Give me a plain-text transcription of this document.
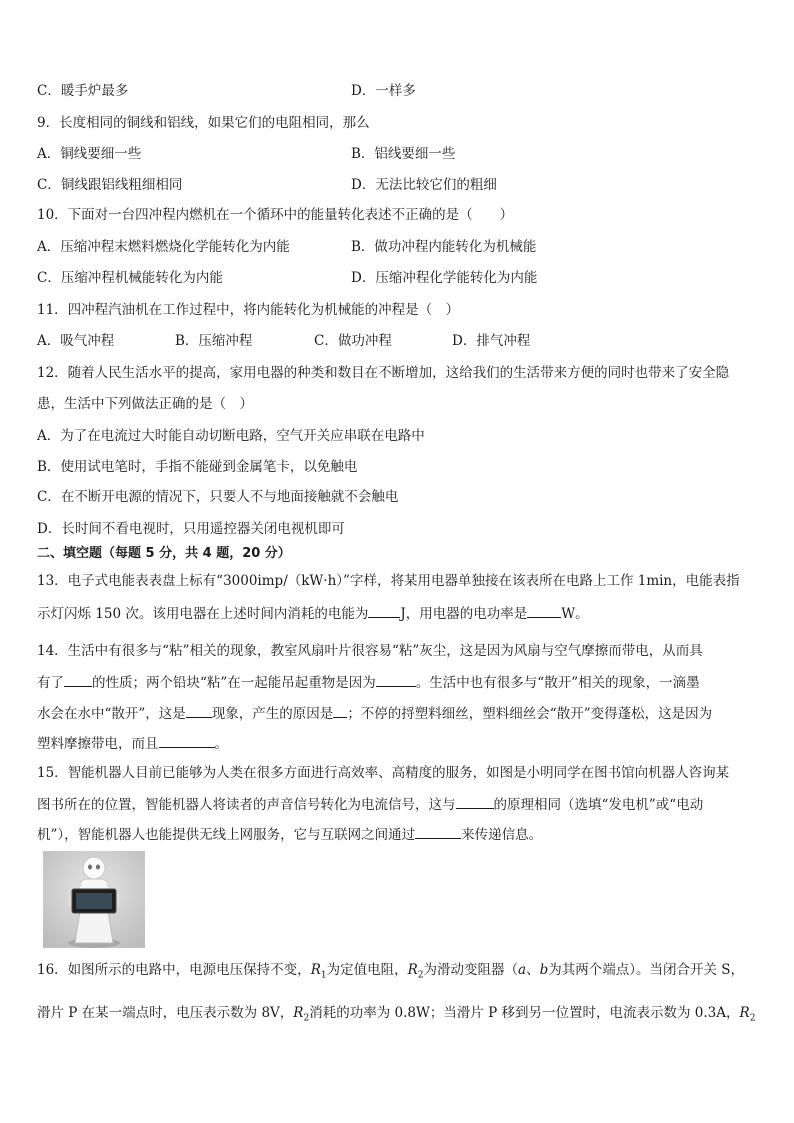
C．暖手炉最多	D．一样多
9．长度相同的铜线和铝线，如果它们的电阻相同，那么
A．铜线要细一些	B．铝线要细一些
C．铜线跟铝线粗细相同	D．无法比较它们的粗细
10．下面对一台四冲程内燃机在一个循环中的能量转化表述不正确的是（　　）
A．压缩冲程末燃料燃烧化学能转化为内能	B．做功冲程内能转化为机械能
C．压缩冲程机械能转化为内能	D．压缩冲程化学能转化为内能
11．四冲程汽油机在工作过程中，将内能转化为机械能的冲程是（　）
A．吸气冲程	B．压缩冲程	C．做功冲程	D．排气冲程
12．随着人民生活水平的提高，家用电器的种类和数目在不断增加，这给我们的生活带来方便的同时也带来了安全隐
患，生活中下列做法正确的是（　）
A．为了在电流过大时能自动切断电路，空气开关应串联在电路中
B．使用试电笔时，手指不能碰到金属笔卡，以免触电
C．在不断开电源的情况下，只要人不与地面接触就不会触电
D．长时间不看电视时，只用遥控器关闭电视机即可
二、填空题（每题 5 分，共 4 题，20 分）
13．电子式电能表表盘上标有“3000imp/（kW·h）”字样，将某用电器单独接在该表所在电路上工作 1min，电能表指
示灯闪烁 150 次。该用电器在上述时间内消耗的电能为 J，用电器的电功率是	W。
14．生活中有很多与“粘”相关的现象，教室风扇叶片很容易“粘”灰尘，这是因为风扇与空气摩擦而带电，从而具
有了 的性质；两个铅块“粘”在一起能吊起重物是因为	。生活中也有很多与“散开”相关的现象，一滴墨
水会在水中“散开”，这是 现象，产生的原因是 ；不停的捋塑料细丝，塑料细丝会“散开”变得蓬松，这是因为
塑料摩擦带电，而且	。
15．智能机器人目前已能够为人类在很多方面进行高效率、高精度的服务，如图是小明同学在图书馆向机器人咨询某
图书所在的位置，智能机器人将读者的声音信号转化为电流信号，这与	的原理相同（选填“发电机”或“电动
机”），智能机器人也能提供无线上网服务，它与互联网之间通过	来传递信息。
16．如图所示的电路中，电源电压保持不变，$R_1$为定值电阻，$R_2$为滑动变阻器（a、b为其两个端点）。当闭合开关 S，
滑片 P 在某一端点时，电压表示数为 8V，$R_2$消耗的功率为 0.8W；当滑片 P 移到另一位置时，电流表示数为 0.3A，$R_2$
